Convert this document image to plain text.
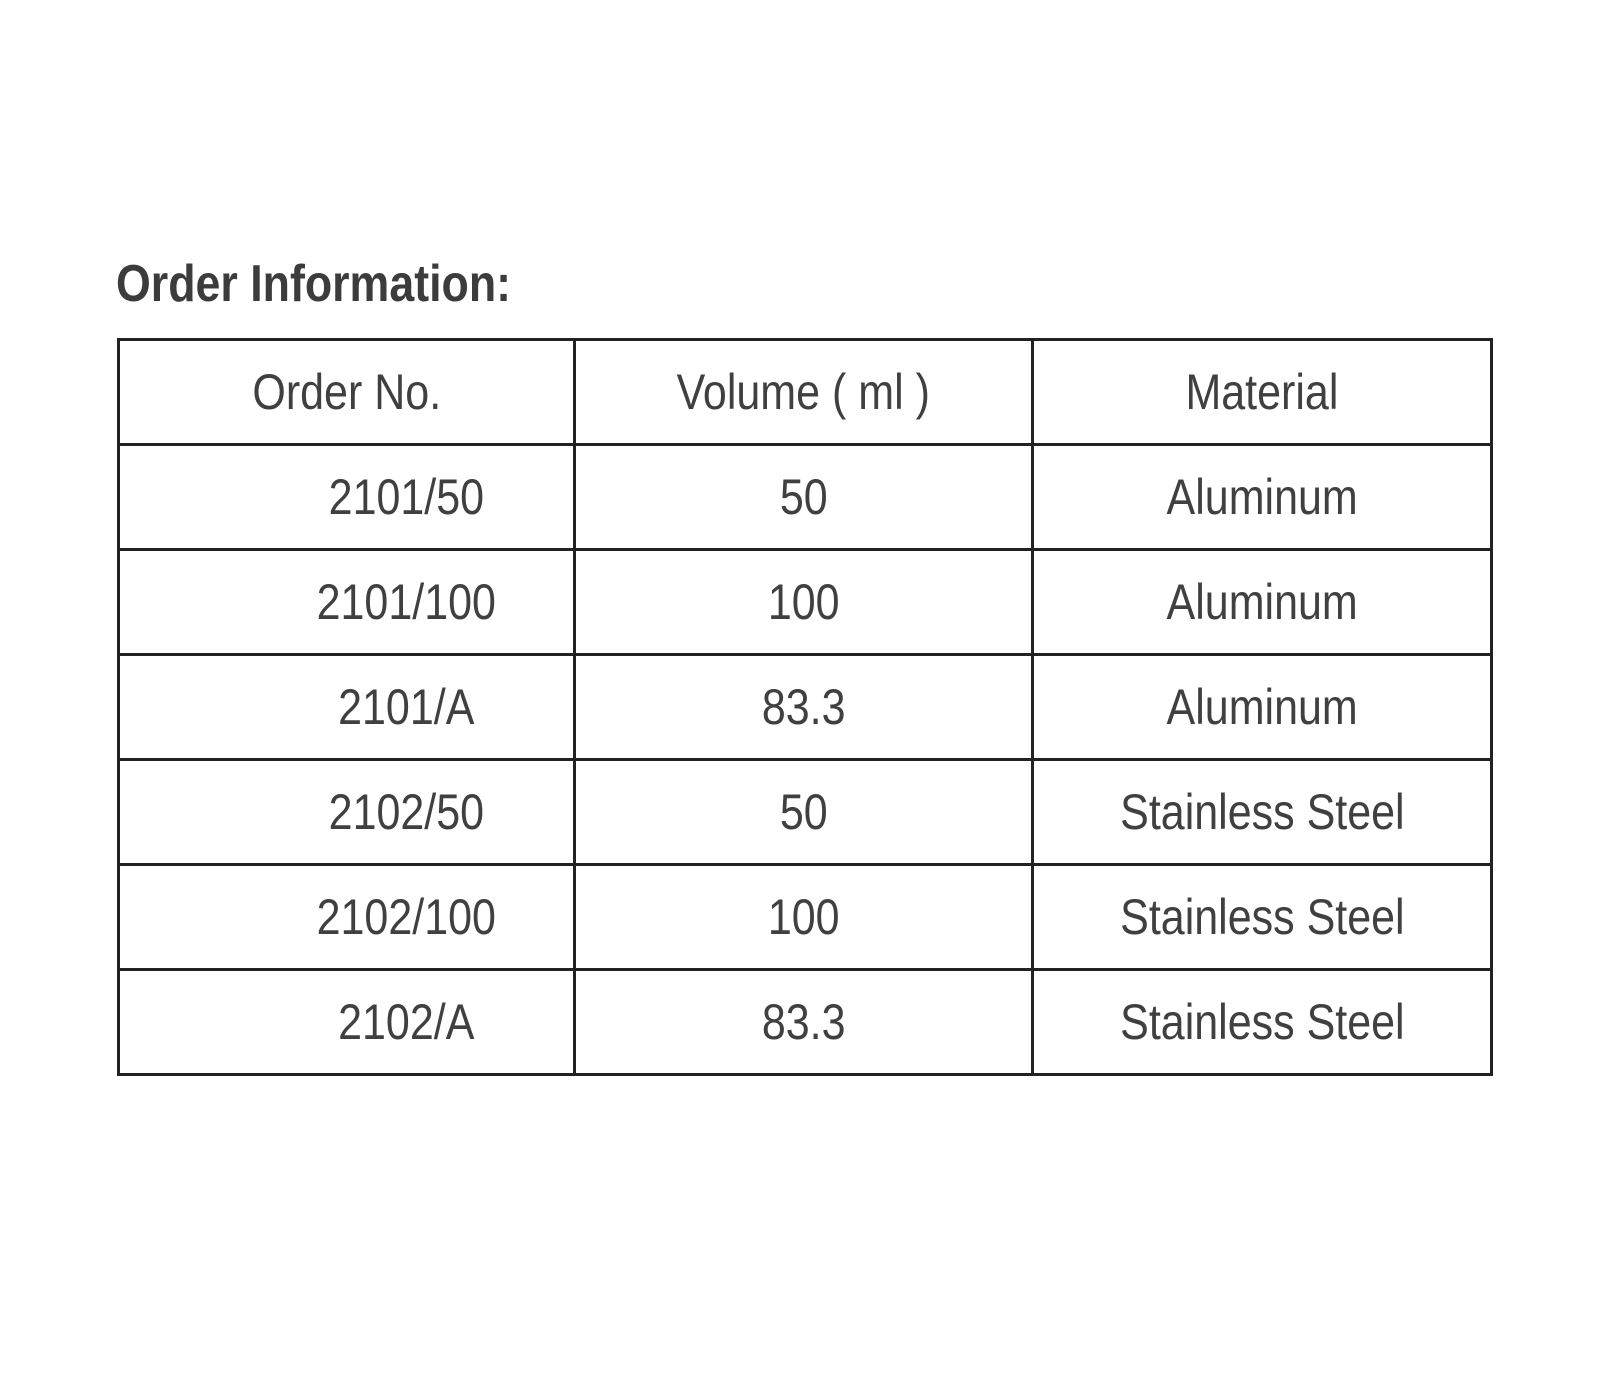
Order Information:
Order No.	Volume ( ml )	Material
2101/50	50	Aluminum
2101/100	100	Aluminum
2101/A	83.3	Aluminum
2102/50	50	Stainless Steel
2102/100	100	Stainless Steel
2102/A	83.3	Stainless Steel
